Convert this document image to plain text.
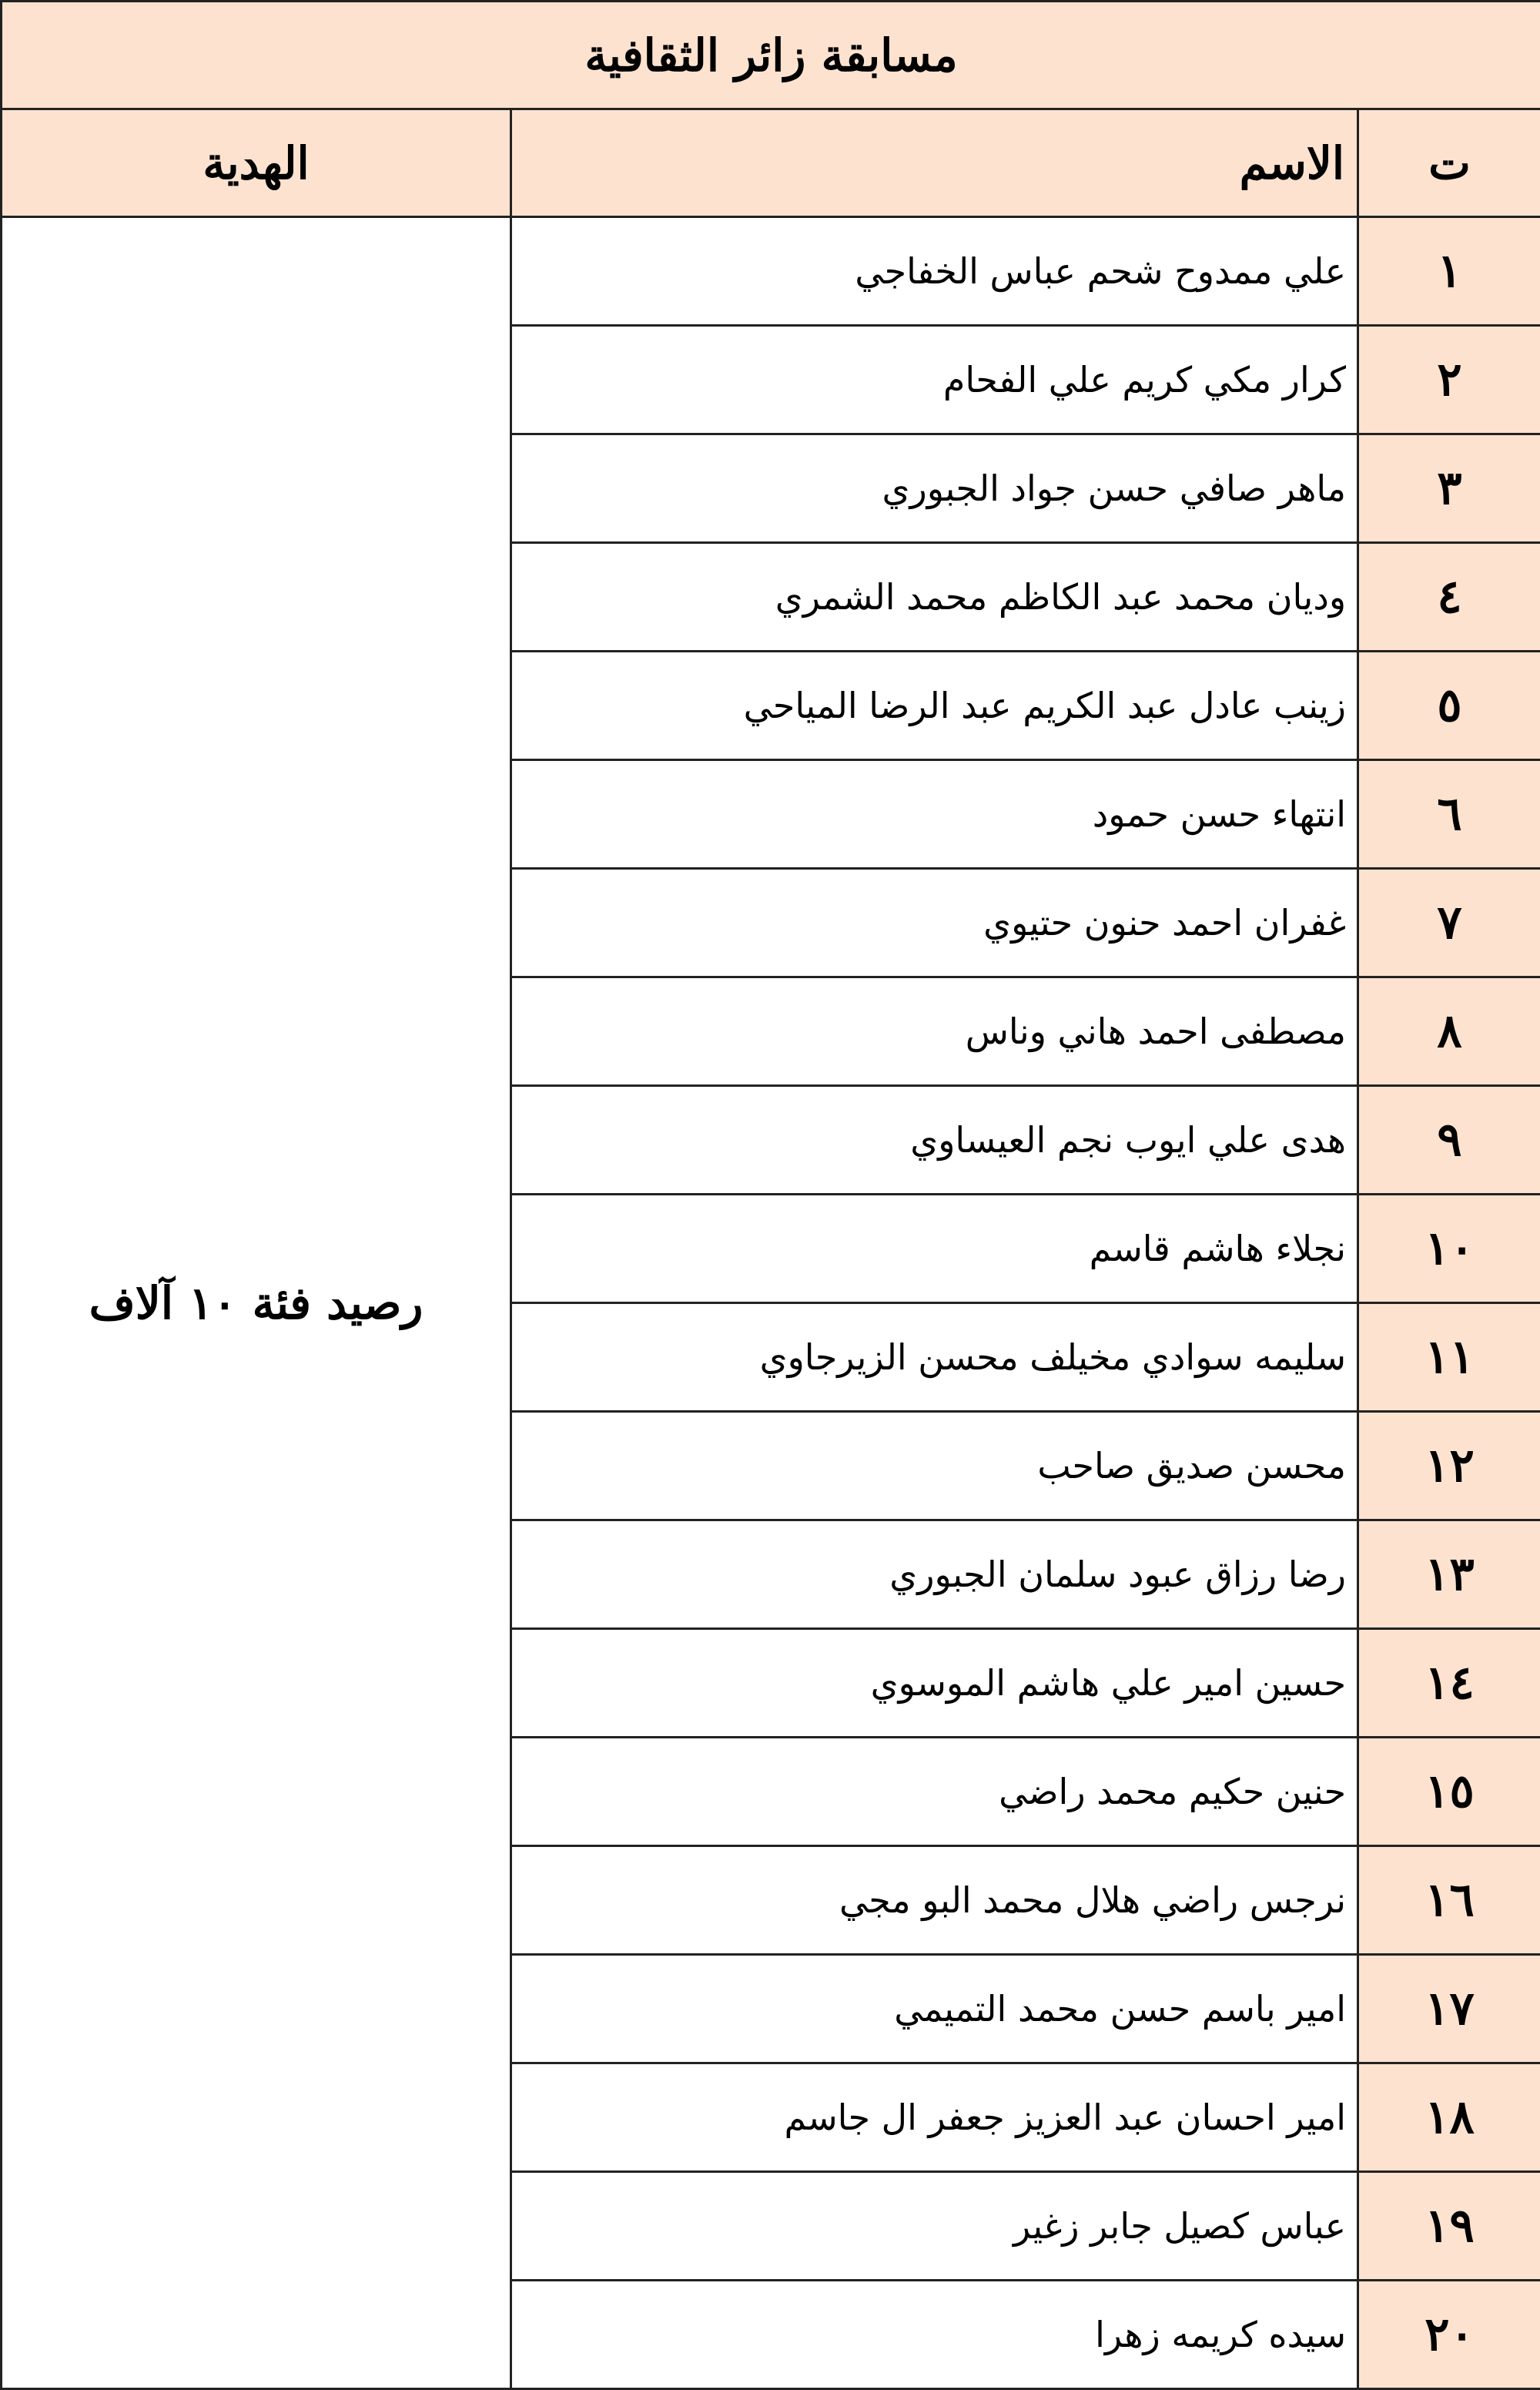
مسابقة زائر الثقافية		
ت	الاسم	الهدية
١	علي ممدوح شحم عباس الخفاجي	رصيد فئة ١٠ آلاف
٢	كرار مكي كريم علي الفحام	
٣	ماهر صافي حسن جواد الجبوري	
٤	وديان محمد عبد الكاظم محمد الشمري	
٥	زينب عادل عبد الكريم عبد الرضا المياحي	
٦	انتهاء حسن حمود	
٧	غفران احمد حنون حتيوي	
٨	مصطفى احمد هاني وناس	
٩	هدى علي ايوب نجم العيساوي	
١٠	نجلاء هاشم قاسم	
١١	سليمه سوادي مخيلف محسن الزيرجاوي	
١٢	محسن صديق صاحب	
١٣	رضا رزاق عبود سلمان الجبوري	
١٤	حسين امير علي هاشم الموسوي	
١٥	حنين حكيم محمد راضي	
١٦	نرجس راضي هلال محمد البو مجي	
١٧	امير باسم حسن محمد التميمي	
١٨	امير احسان عبد العزيز جعفر ال جاسم	
١٩	عباس كصيل جابر زغير	
٢٠	سيده كريمه زهرا	
